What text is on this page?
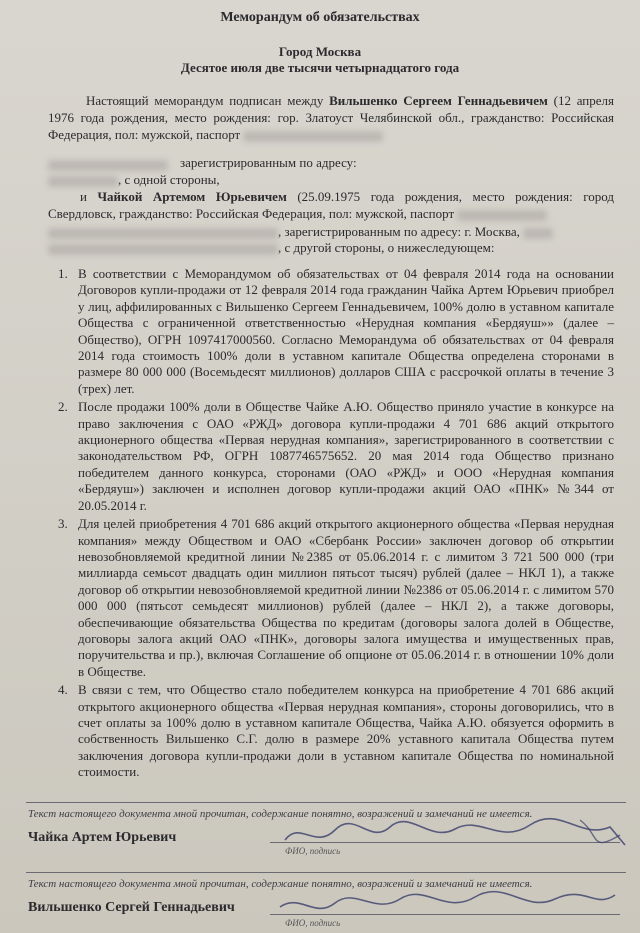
Меморандум об обязательствах
Город Москва
Десятое июля две тысячи четырнадцатого года
Настоящий меморандум подписан между Вильшенко Сергеем Геннадьевичем (12 апреля 1976 года рождения, место рождения: гор. Златоуст Челябинской обл., гражданство: Российская Федерация, пол: мужской, паспорт
зарегистрированным по адресу:
, с одной стороны,
и Чайкой Артемом Юрьевичем (25.09.1975 года рождения, место рождения: город Свердловск, гражданство: Российская Федерация, пол: мужской, паспорт
, зарегистрированным по адресу: г. Москва,
, с другой стороны, о нижеследующем:
1. В соответствии с Меморандумом об обязательствах от 04 февраля 2014 года на основании Договоров купли-продажи от 12 февраля 2014 года гражданин Чайка Артем Юрьевич приобрел у лиц, аффилированных с Вильшенко Сергеем Геннадьевичем, 100% долю в уставном капитале Общества с ограниченной ответственностью «Нерудная компания «Бердяуш»» (далее – Общество), ОГРН 1097417000560. Согласно Меморандума об обязательствах от 04 февраля 2014 года стоимость 100% доли в уставном капитале Общества определена сторонами в размере 80 000 000 (Восемьдесят миллионов) долларов США с рассрочкой оплаты в течение 3 (трех) лет.
2. После продажи 100% доли в Обществе Чайке А.Ю. Общество приняло участие в конкурсе на право заключения с ОАО «РЖД» договора купли-продажи 4 701 686 акций открытого акционерного общества «Первая нерудная компания», зарегистрированного в соответствии с законодательством РФ, ОГРН 1087746575652. 20 мая 2014 года Общество признано победителем данного конкурса, сторонами (ОАО «РЖД» и ООО «Нерудная компания «Бердяуш») заключен и исполнен договор купли-продажи акций ОАО «ПНК» №344 от 20.05.2014 г.
3. Для целей приобретения 4 701 686 акций открытого акционерного общества «Первая нерудная компания» между Обществом и ОАО «Сбербанк России» заключен договор об открытии невозобновляемой кредитной линии №2385 от 05.06.2014 г. с лимитом 3 721 500 000 (три миллиарда семьсот двадцать один миллион пятьсот тысяч) рублей (далее – НКЛ 1), а также договор об открытии невозобновляемой кредитной линии №2386 от 05.06.2014 г. с лимитом 570 000 000 (пятьсот семьдесят миллионов) рублей (далее – НКЛ 2), а также договоры, обеспечивающие обязательства Общества по кредитам (договоры залога долей в Обществе, договоры залога акций ОАО «ПНК», договоры залога имущества и имущественных прав, поручительства и пр.), включая Соглашение об опционе от 05.06.2014 г. в отношении 10% доли в Обществе.
4. В связи с тем, что Общество стало победителем конкурса на приобретение 4 701 686 акций открытого акционерного общества «Первая нерудная компания», стороны договорились, что в счет оплаты за 100% долю в уставном капитале Общества, Чайка А.Ю. обязуется оформить в собственность Вильшенко С.Г. долю в размере 20% уставного капитала Общества путем заключения договора купли-продажи доли в уставном капитале Общества по номинальной стоимости.
Текст настоящего документа мной прочитан, содержание понятно, возражений и замечаний не имеется.
Чайка Артем Юрьевич
ФИО, подпись
Текст настоящего документа мной прочитан, содержание понятно, возражений и замечаний не имеется.
Вильшенко Сергей Геннадьевич
ФИО, подпись
